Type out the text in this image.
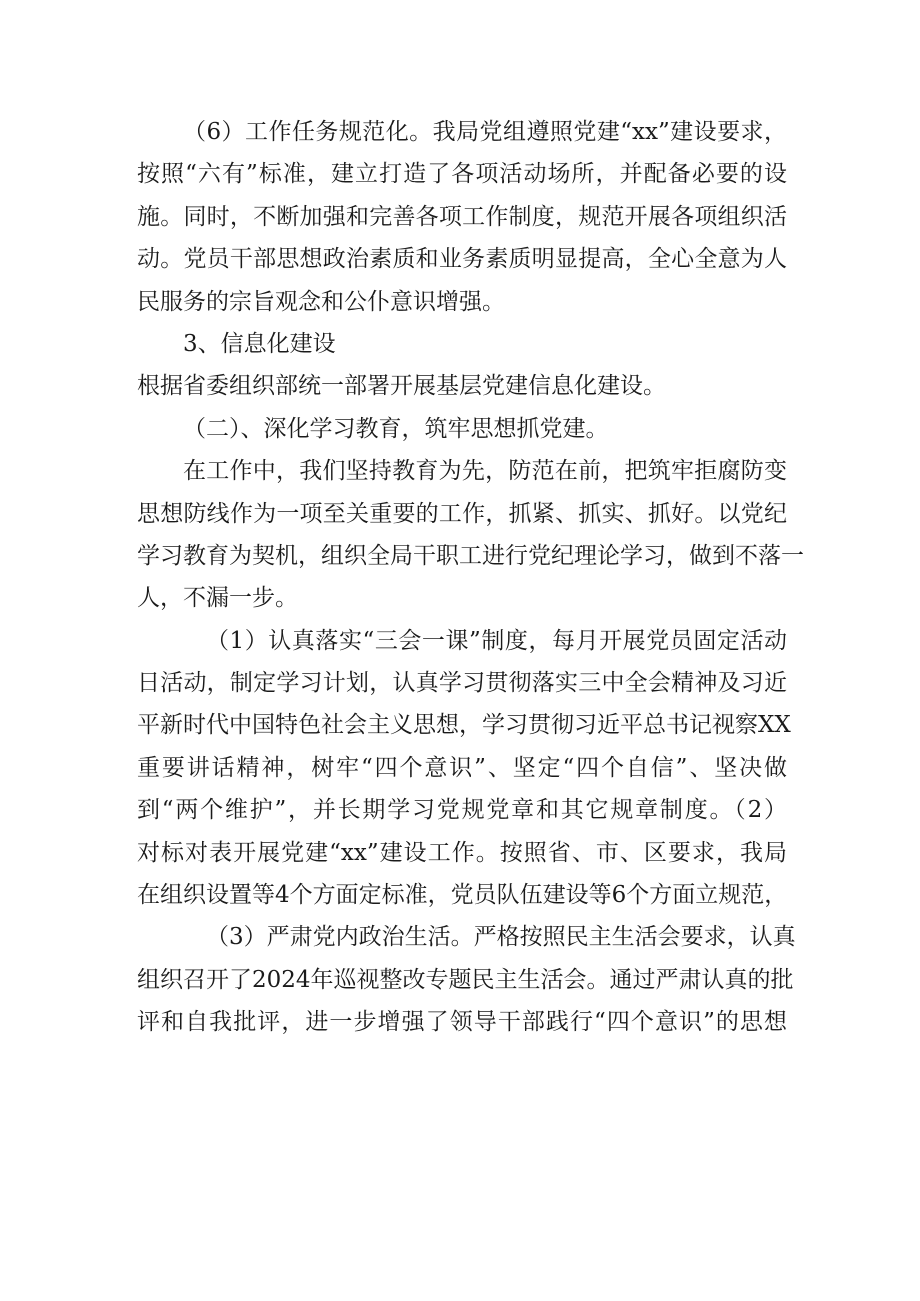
（6）工作任务规范化。我局党组遵照党建“xx”建设要求，
按照“六有”标准，建立打造了各项活动场所，并配备必要的设
施。同时，不断加强和完善各项工作制度，规范开展各项组织活
动。党员干部思想政治素质和业务素质明显提高，全心全意为人
民服务的宗旨观念和公仆意识增强。
3、信息化建设
根据省委组织部统一部署开展基层党建信息化建设。
（二）、深化学习教育，筑牢思想抓党建。
在工作中，我们坚持教育为先，防范在前，把筑牢拒腐防变
思想防线作为一项至关重要的工作，抓紧、抓实、抓好。以党纪
学习教育为契机，组织全局干职工进行党纪理论学习，做到不落一
人，不漏一步。
（1）认真落实“三会一课”制度，每月开展党员固定活动
日活动，制定学习计划，认真学习贯彻落实三中全会精神及习近
平新时代中国特色社会主义思想，学习贯彻习近平总书记视察XX
重要讲话精神，树牢“四个意识”、坚定“四个自信”、坚决做
到“两个维护”，并长期学习党规党章和其它规章制度。（2）
对标对表开展党建“xx”建设工作。按照省、市、区要求，我局
在组织设置等4个方面定标准，党员队伍建设等6个方面立规范，
（3）严肃党内政治生活。严格按照民主生活会要求，认真
组织召开了2024年巡视整改专题民主生活会。通过严肃认真的批
评和自我批评，进一步增强了领导干部践行“四个意识”的思想
